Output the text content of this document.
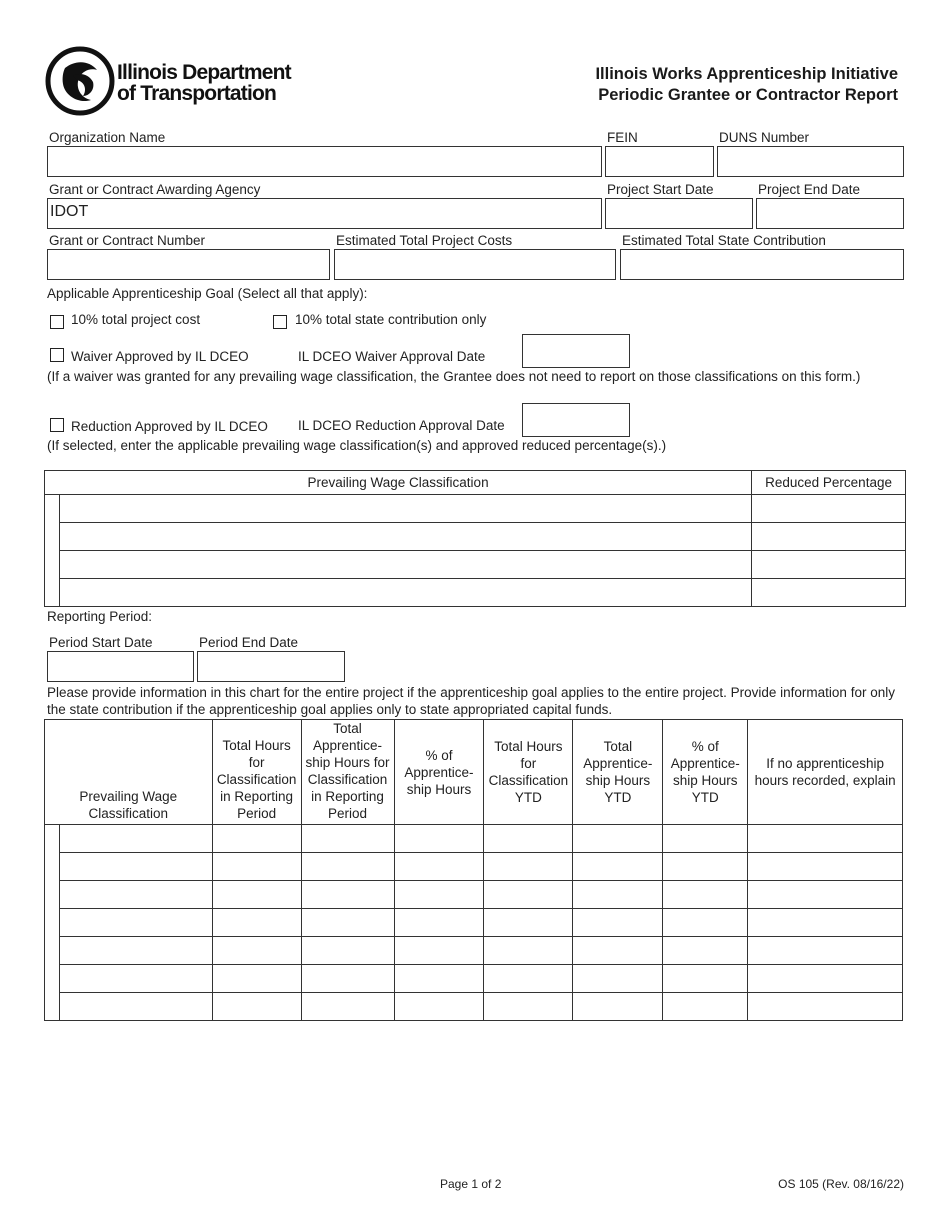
Illinois Department
of Transportation
Illinois Works Apprenticeship Initiative
Periodic Grantee or Contractor Report
Organization Name	FEIN	DUNS Number
Grant or Contract Awarding Agency	Project Start Date	Project End Date
IDOT
Grant or Contract Number	Estimated Total Project Costs	Estimated Total State Contribution
Applicable Apprenticeship Goal (Select all that apply):
10% total project cost	10% total state contribution only
Waiver Approved by IL DCEO	IL DCEO Waiver Approval Date
(If a waiver was granted for any prevailing wage classification, the Grantee does not need to report on those classifications on this form.)
Reduction Approved by IL DCEO IL DCEO Reduction Approval Date
(If selected, enter the applicable prevailing wage classification(s) and approved reduced percentage(s).)
Prevailing Wage Classification		Reduced Percentage

Reporting Period:
Period Start Date	Period End Date
Please provide information in this chart for the entire project if the apprenticeship goal applies to the entire project. Provide information for only the state contribution if the apprenticeship goal applies only to state appropriated capital funds.
Prevailing Wage Classification		Total Hours for Classification in Reporting Period	Total Apprentice-ship Hours for Classification in Reporting Period	% of Apprentice-ship Hours	Total Hours for Classification YTD	Total Apprentice-ship Hours YTD	% of Apprentice-ship Hours YTD	If no apprenticeship hours recorded, explain

Page 1 of 2	OS 105 (Rev. 08/16/22)
